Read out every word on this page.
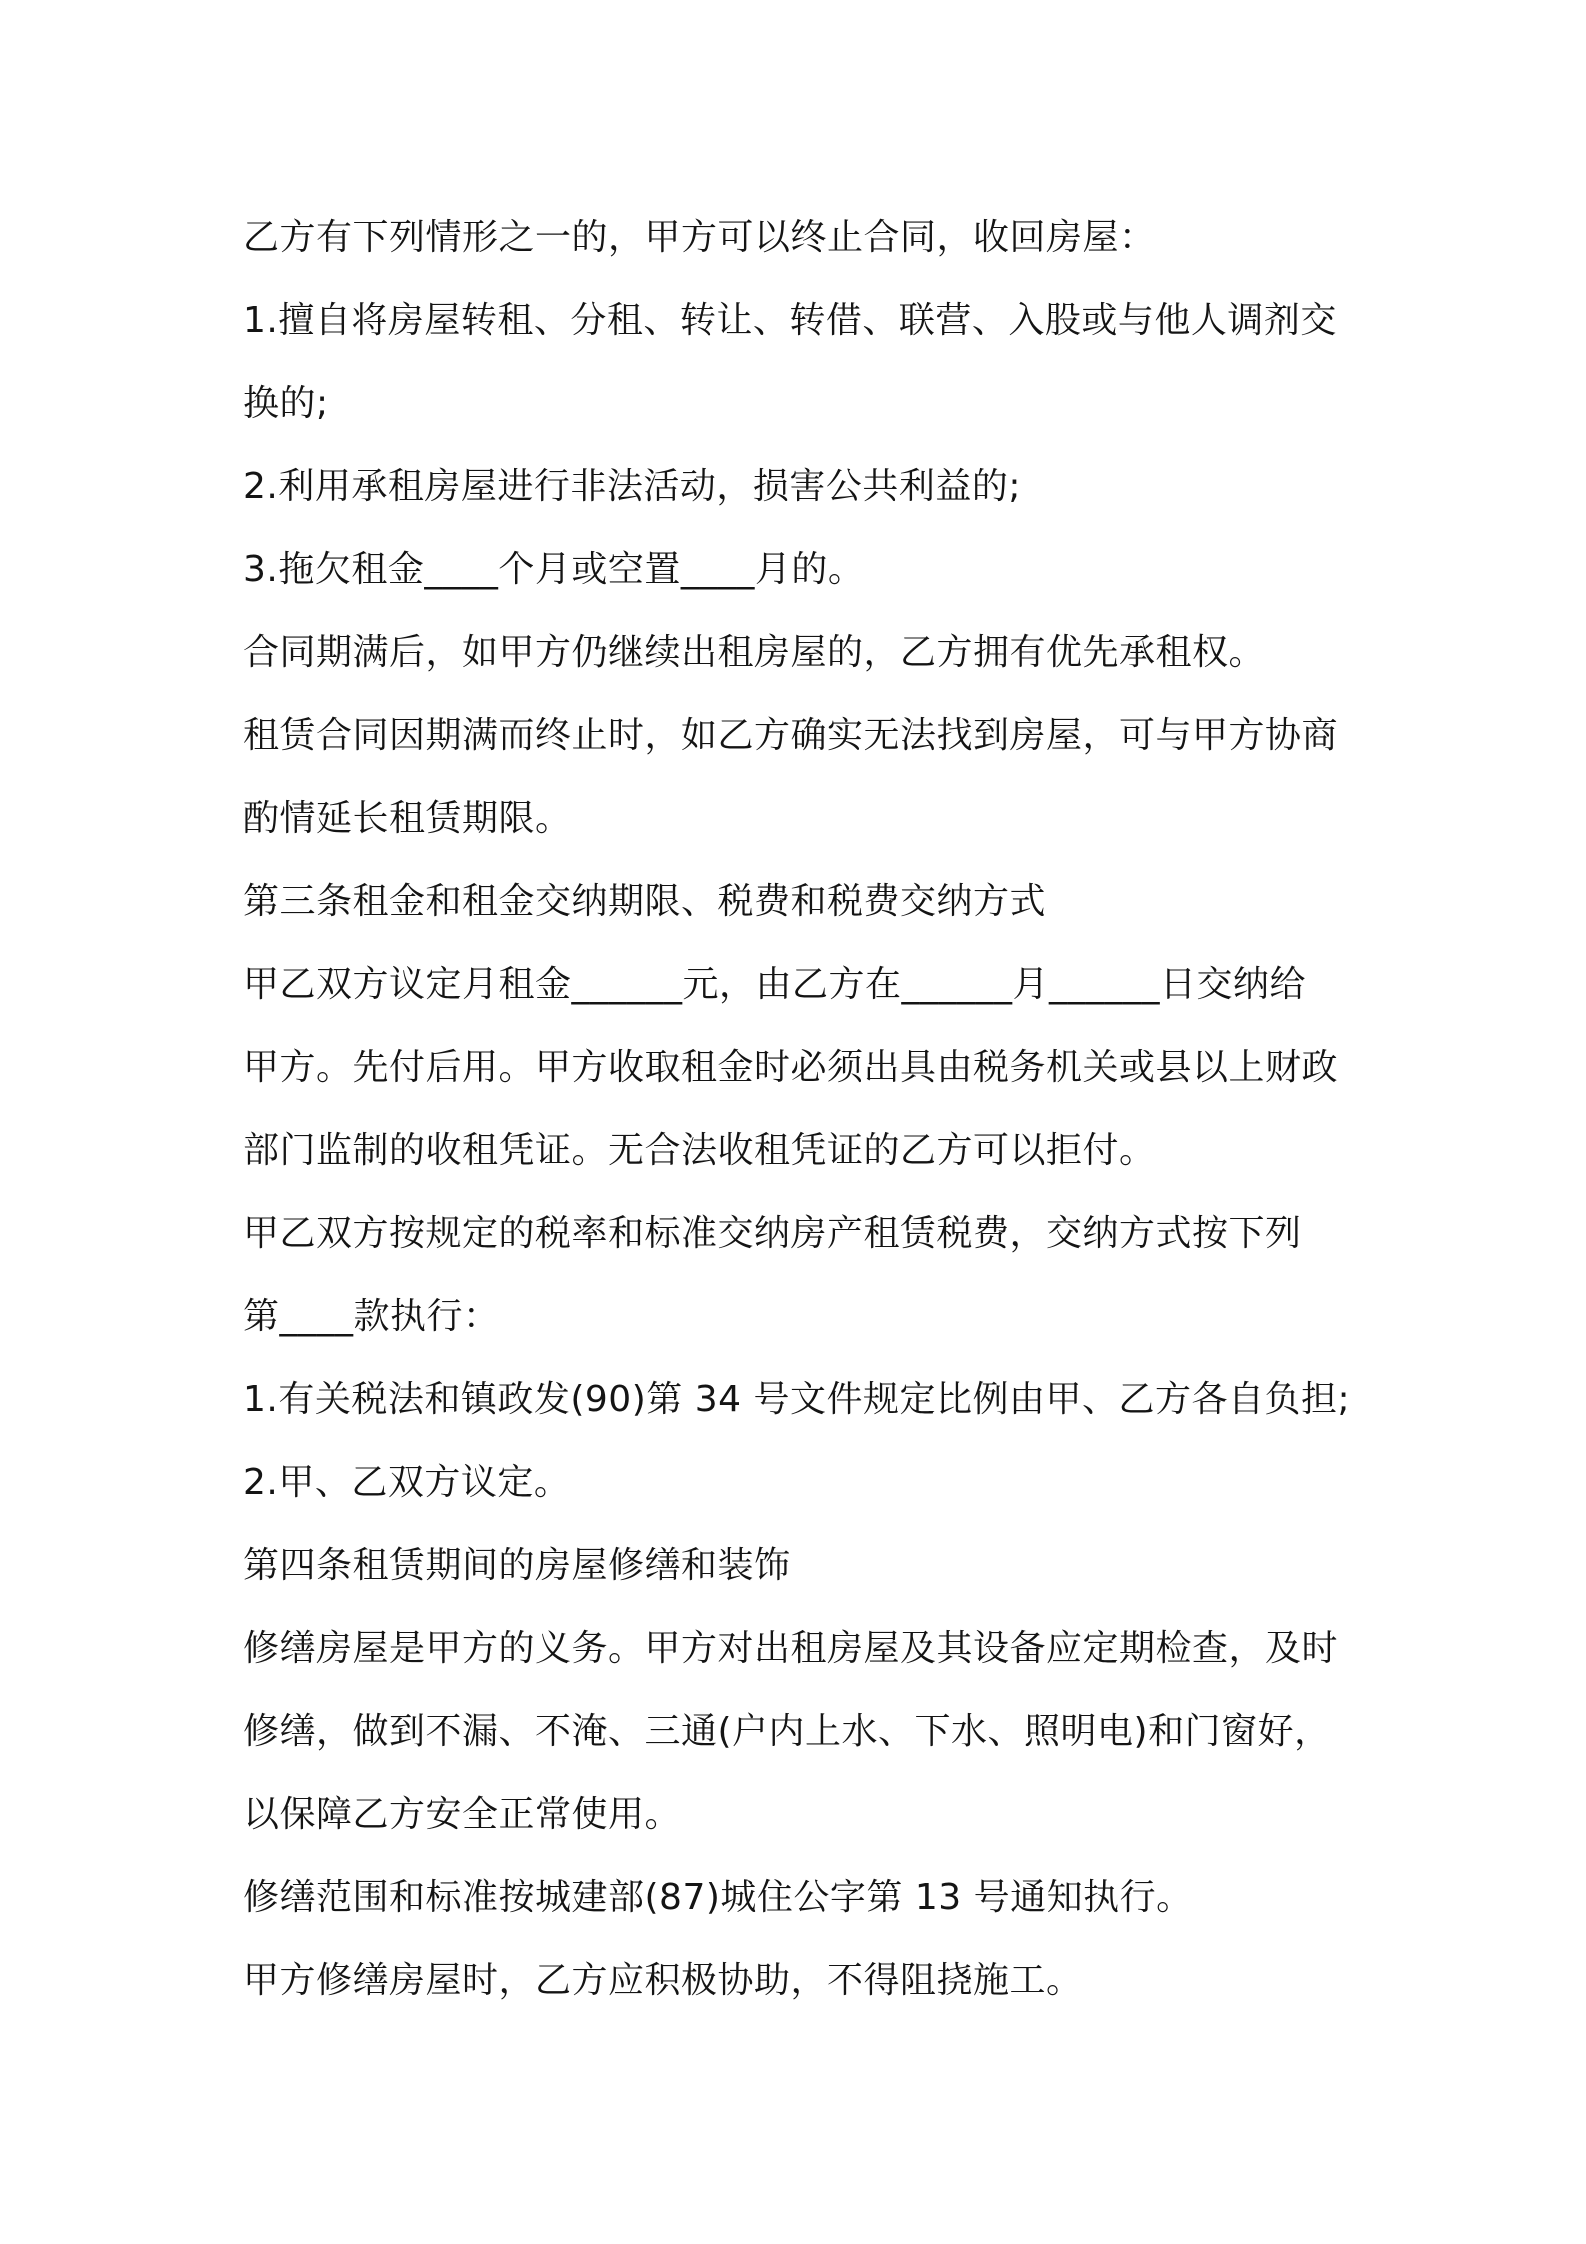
乙方有下列情形之一的，甲方可以终止合同，收回房屋：
1.擅自将房屋转租、分租、转让、转借、联营、入股或与他人调剂交
换的;
2.利用承租房屋进行非法活动，损害公共利益的;
3.拖欠租金____个月或空置____月的。
合同期满后，如甲方仍继续出租房屋的，乙方拥有优先承租权。
租赁合同因期满而终止时，如乙方确实无法找到房屋，可与甲方协商
酌情延长租赁期限。
第三条租金和租金交纳期限、税费和税费交纳方式
甲乙双方议定月租金______元，由乙方在______月______日交纳给
甲方。先付后用。甲方收取租金时必须出具由税务机关或县以上财政
部门监制的收租凭证。无合法收租凭证的乙方可以拒付。
甲乙双方按规定的税率和标准交纳房产租赁税费，交纳方式按下列
第____款执行：
1.有关税法和镇政发(90)第 34 号文件规定比例由甲、乙方各自负担;
2.甲、乙双方议定。
第四条租赁期间的房屋修缮和装饰
修缮房屋是甲方的义务。甲方对出租房屋及其设备应定期检查，及时
修缮，做到不漏、不淹、三通(户内上水、下水、照明电)和门窗好，
以保障乙方安全正常使用。
修缮范围和标准按城建部(87)城住公字第 13 号通知执行。
甲方修缮房屋时，乙方应积极协助，不得阻挠施工。
